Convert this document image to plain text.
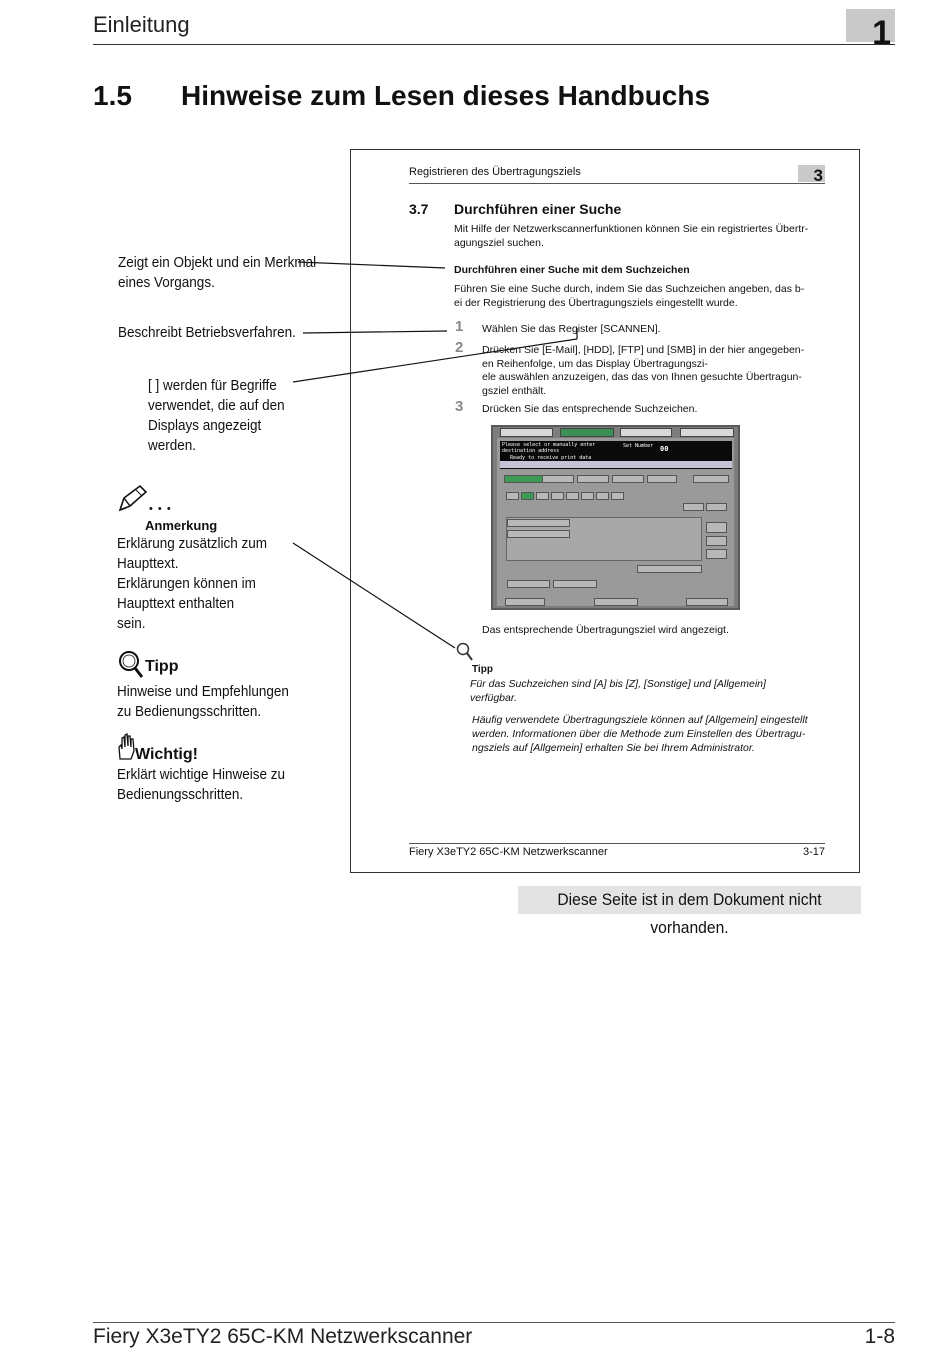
Einleitung	1
1.5 Hinweise zum Lesen dieses Handbuchs
Zeigt ein Objekt und ein Merkmal
eines Vorgangs.
Beschreibt Betriebsverfahren.
[ ] werden für Begriffe
verwendet, die auf den
Displays angezeigt
werden.
• • •
Anmerkung
Erklärung zusätzlich zum
Haupttext.
Erklärungen können im
Haupttext enthalten
sein.
Tipp
Hinweise und Empfehlungen
zu Bedienungsschritten.
Wichtig!
Erklärt wichtige Hinweise zu
Bedienungsschritten.
Registrieren des Übertragungsziels	3
3.7 Durchführen einer Suche
Mit Hilfe der Netzwerkscannerfunktionen können Sie ein registriertes Übertr-
agungsziel suchen.
Durchführen einer Suche mit dem Suchzeichen
Führen Sie eine Suche durch, indem Sie das Suchzeichen angeben, das b-
ei der Registrierung des Übertragungsziels eingestellt wurde.
1 Wählen Sie das Register [SCANNEN].
2 Drücken Sie [E-Mail], [HDD], [FTP] und [SMB] in der hier angegeben-
en Reihenfolge, um das Display Übertragungszi-
ele auswählen anzuzeigen, das das von Ihnen gesuchte Übertragun-
gsziel enthält.
3 Drücken Sie das entsprechende Suchzeichen.
Please select or manually enter
destination address
Set Number 00
Ready to receive print data
Das entsprechende Übertragungsziel wird angezeigt.
Tipp
Für das Suchzeichen sind [A] bis [Z], [Sonstige] und [Allgemein]
verfügbar.
Häufig verwendete Übertragungsziele können auf [Allgemein] eingestellt
werden. Informationen über die Methode zum Einstellen des Übertragu-
ngsziels auf [Allgemein] erhalten Sie bei Ihrem Administrator.
Fiery X3eTY2 65C-KM Netzwerkscanner	3-17
Diese Seite ist in dem Dokument nicht vorhanden.
Fiery X3eTY2 65C-KM Netzwerkscanner	1-8
